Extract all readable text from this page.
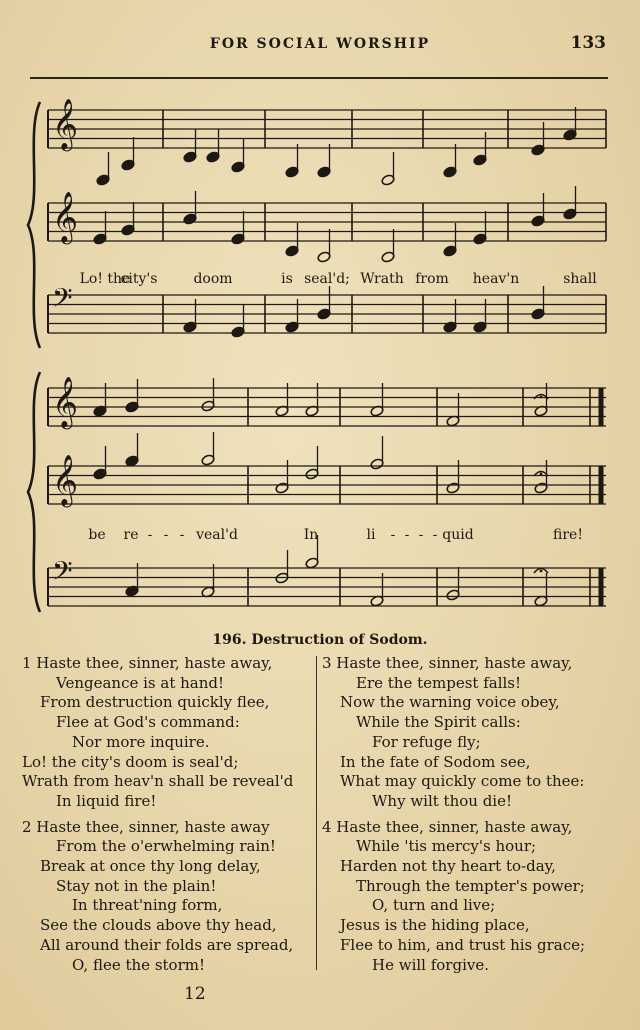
FOR SOCIAL WORSHIP	133
𝄞
𝄞
𝄢
Lo! the
city's	doom	is seal'd; Wrath from heav'n	shall
𝄞
𝄞
𝄢
be re - - - veal'd	In	li - - - - quid	fire!
196. Destruction of Sodom.
1 Haste thee, sinner, haste away,
Vengeance is at hand!
From destruction quickly flee,
Flee at God's command:
Nor more inquire.
Lo! the city's doom is seal'd;
Wrath from heav'n shall be reveal'd
In liquid fire!
2 Haste thee, sinner, haste away
From the o'erwhelming rain!
Break at once thy long delay,
Stay not in the plain!
In threat'ning form,
See the clouds above thy head,
All around their folds are spread,
O, flee the storm!
3 Haste thee, sinner, haste away,
Ere the tempest falls!
Now the warning voice obey,
While the Spirit calls:
For refuge fly;
In the fate of Sodom see,
What may quickly come to thee:
Why wilt thou die!
4 Haste thee, sinner, haste away,
While 'tis mercy's hour;
Harden not thy heart to-day,
Through the tempter's power;
O, turn and live;
Jesus is the hiding place,
Flee to him, and trust his grace;
He will forgive.
12
